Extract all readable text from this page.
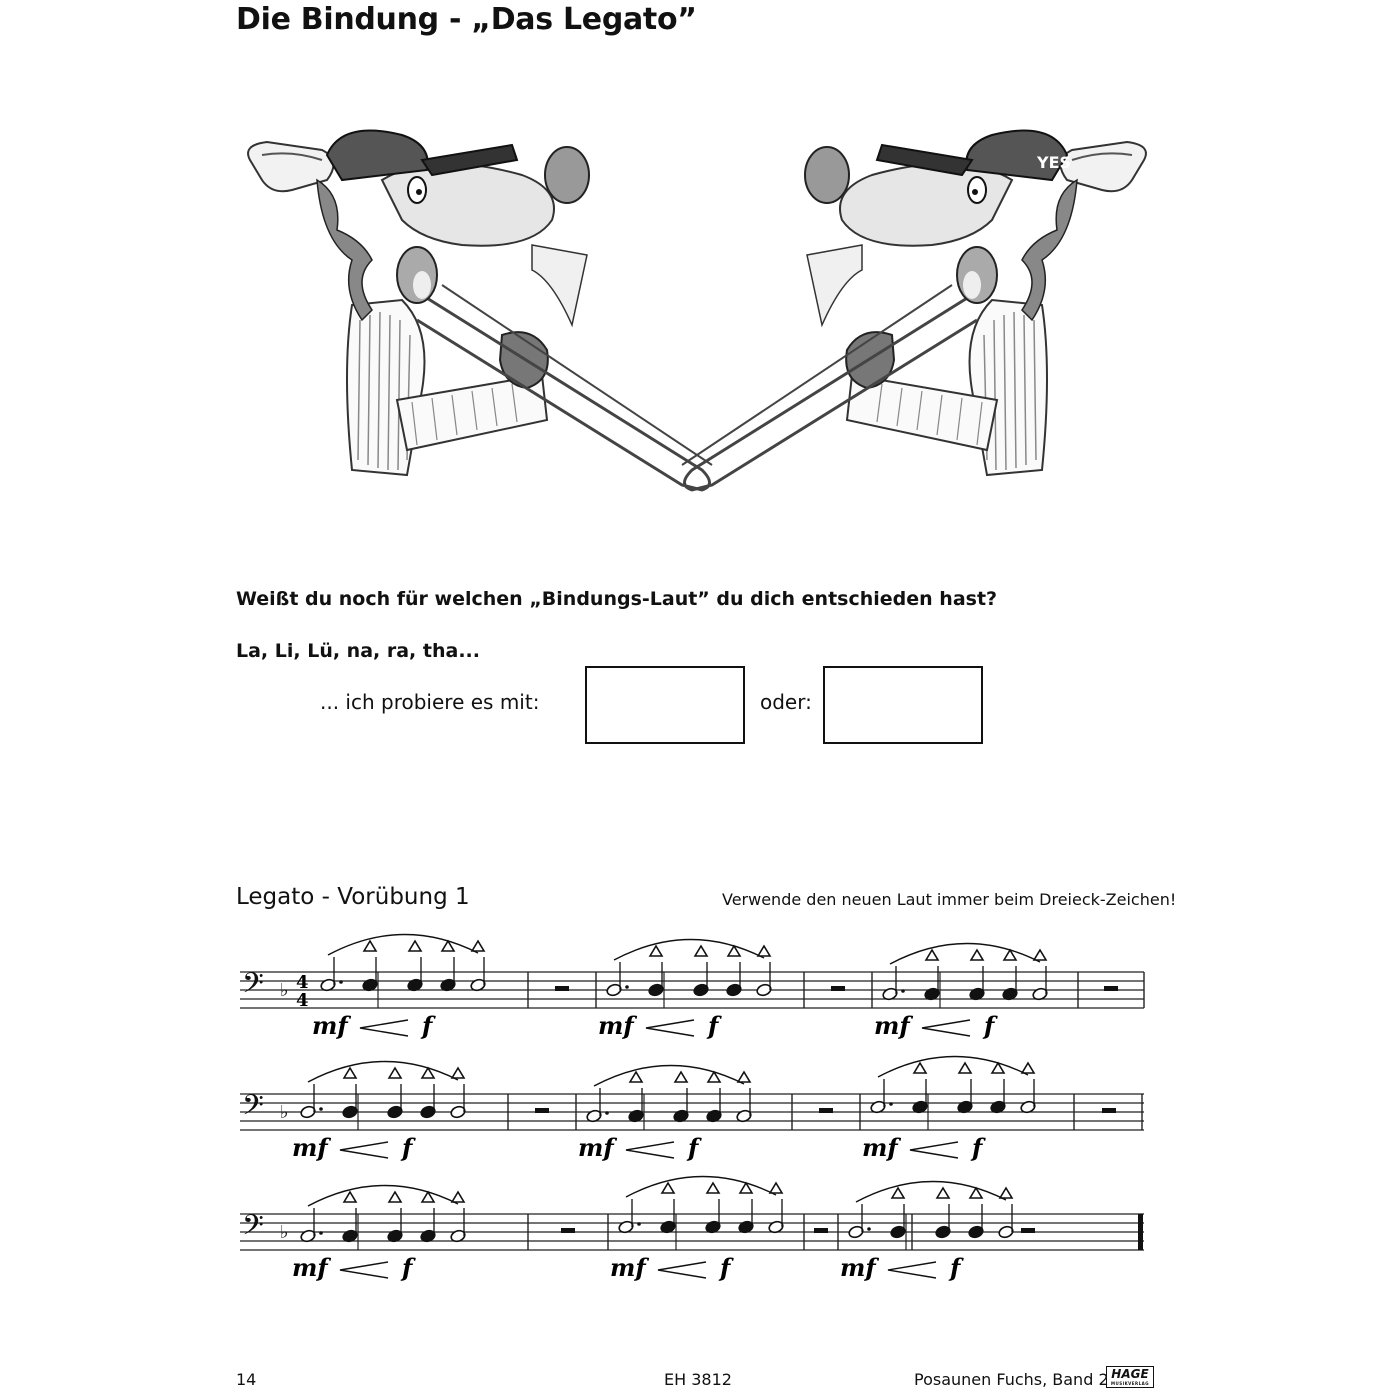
Die Bindung - „Das Legato”
YES
Weißt du noch für welchen „Bindungs-Laut” du dich entschieden hast?
La, Li, Lü, na, ra, tha...
... ich probiere es mit:	oder:
Legato - Vorübung 1	Verwende den neuen Laut immer beim Dreieck-Zeichen!
𝄢 ♭ 4
4
mf	f	mf	f	mf	f
𝄢 ♭
mf	f	mf	f	mf	f
𝄢 ♭
mf	f	mf	f	mf	f
14	EH 3812	Posaunen Fuchs, Band 2 HAGE
MUSIKVERLAG
